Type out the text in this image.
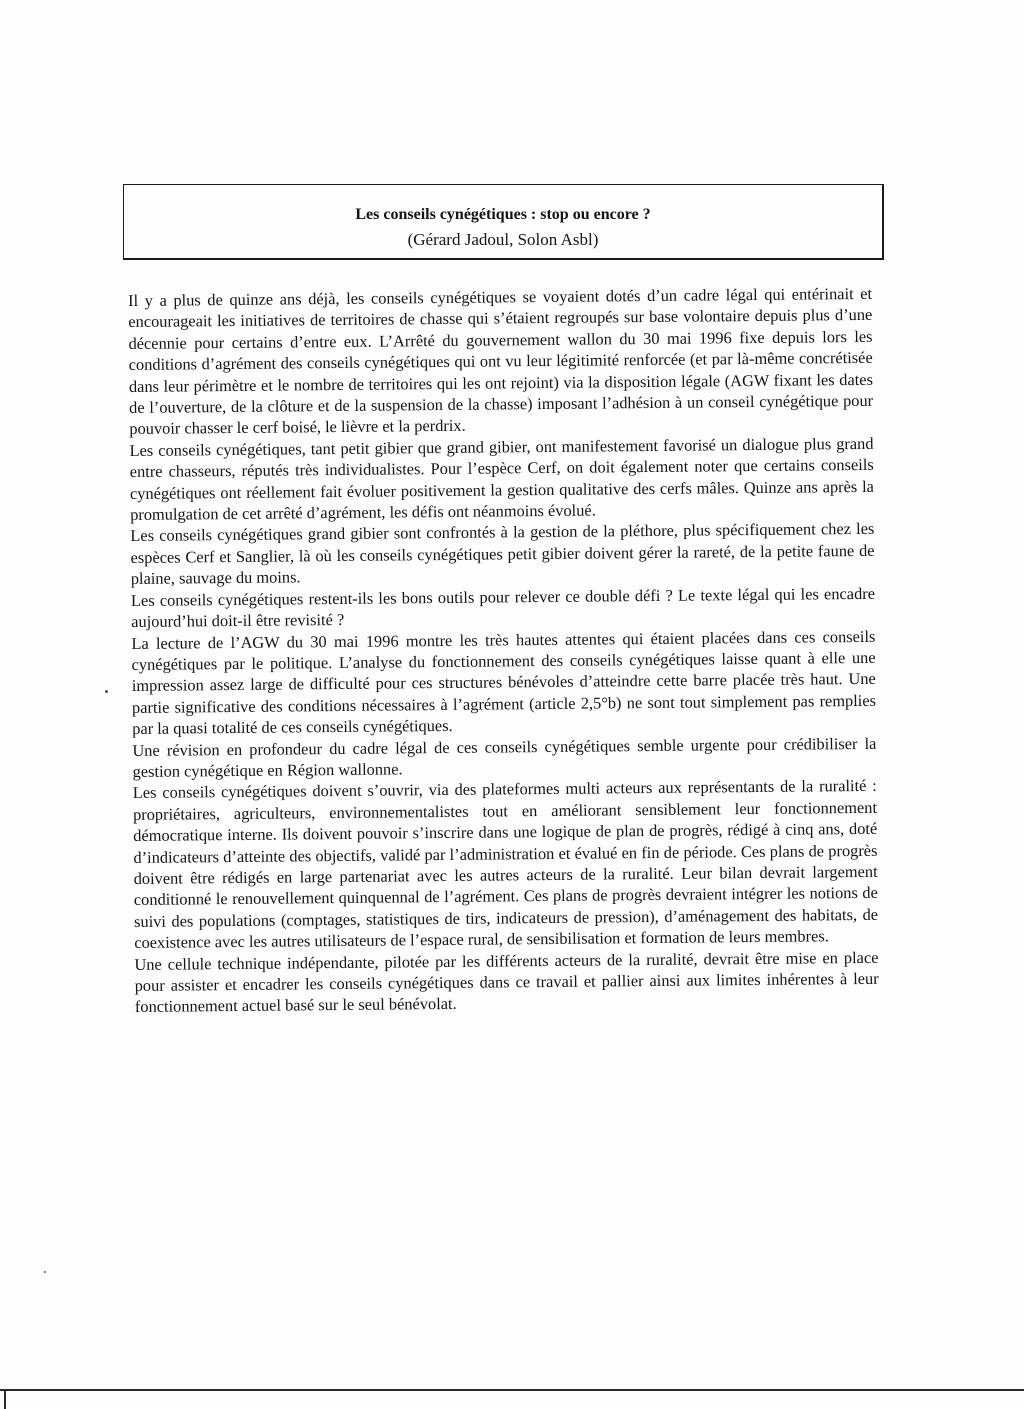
Les conseils cynégétiques : stop ou encore ?
(Gérard Jadoul, Solon Asbl)

Il y a plus de quinze ans déjà, les conseils cynégétiques se voyaient dotés d’un cadre légal qui entérinait et encourageait les initiatives de territoires de chasse qui s’étaient regroupés sur base volontaire depuis plus d’une décennie pour certains d’entre eux. L’Arrêté du gouvernement wallon du 30 mai 1996 fixe depuis lors les conditions d’agrément des conseils cynégétiques qui ont vu leur légitimité renforcée (et par là-même concrétisée dans leur périmètre et le nombre de territoires qui les ont rejoint) via la disposition légale (AGW fixant les dates de l’ouverture, de la clôture et de la suspension de la chasse) imposant l’adhésion à un conseil cynégétique pour pouvoir chasser le cerf boisé, le lièvre et la perdrix.

Les conseils cynégétiques, tant petit gibier que grand gibier, ont manifestement favorisé un dialogue plus grand entre chasseurs, réputés très individualistes. Pour l’espèce Cerf, on doit également noter que certains conseils cynégétiques ont réellement fait évoluer positivement la gestion qualitative des cerfs mâles. Quinze ans après la promulgation de cet arrêté d’agrément, les défis ont néanmoins évolué.

Les conseils cynégétiques grand gibier sont confrontés à la gestion de la pléthore, plus spécifiquement chez les espèces Cerf et Sanglier, là où les conseils cynégétiques petit gibier doivent gérer la rareté, de la petite faune de plaine, sauvage du moins.

Les conseils cynégétiques restent-ils les bons outils pour relever ce double défi ? Le texte légal qui les encadre aujourd’hui doit-il être revisité ?

La lecture de l’AGW du 30 mai 1996 montre les très hautes attentes qui étaient placées dans ces conseils cynégétiques par le politique. L’analyse du fonctionnement des conseils cynégétiques laisse quant à elle une impression assez large de difficulté pour ces structures bénévoles d’atteindre cette barre placée très haut. Une partie significative des conditions nécessaires à l’agrément (article 2,5°b) ne sont tout simplement pas remplies par la quasi totalité de ces conseils cynégétiques.

Une révision en profondeur du cadre légal de ces conseils cynégétiques semble urgente pour crédibiliser la gestion cynégétique en Région wallonne.

Les conseils cynégétiques doivent s’ouvrir, via des plateformes multi acteurs aux représentants de la ruralité : propriétaires, agriculteurs, environnementalistes tout en améliorant sensiblement leur fonctionnement démocratique interne. Ils doivent pouvoir s’inscrire dans une logique de plan de progrès, rédigé à cinq ans, doté d’indicateurs d’atteinte des objectifs, validé par l’administration et évalué en fin de période. Ces plans de progrès doivent être rédigés en large partenariat avec les autres acteurs de la ruralité. Leur bilan devrait largement conditionné le renouvellement quinquennal de l’agrément. Ces plans de progrès devraient intégrer les notions de suivi des populations (comptages, statistiques de tirs, indicateurs de pression), d’aménagement des habitats, de coexistence avec les autres utilisateurs de l’espace rural, de sensibilisation et formation de leurs membres.

Une cellule technique indépendante, pilotée par les différents acteurs de la ruralité, devrait être mise en place pour assister et encadrer les conseils cynégétiques dans ce travail et pallier ainsi aux limites inhérentes à leur fonctionnement actuel basé sur le seul bénévolat.
